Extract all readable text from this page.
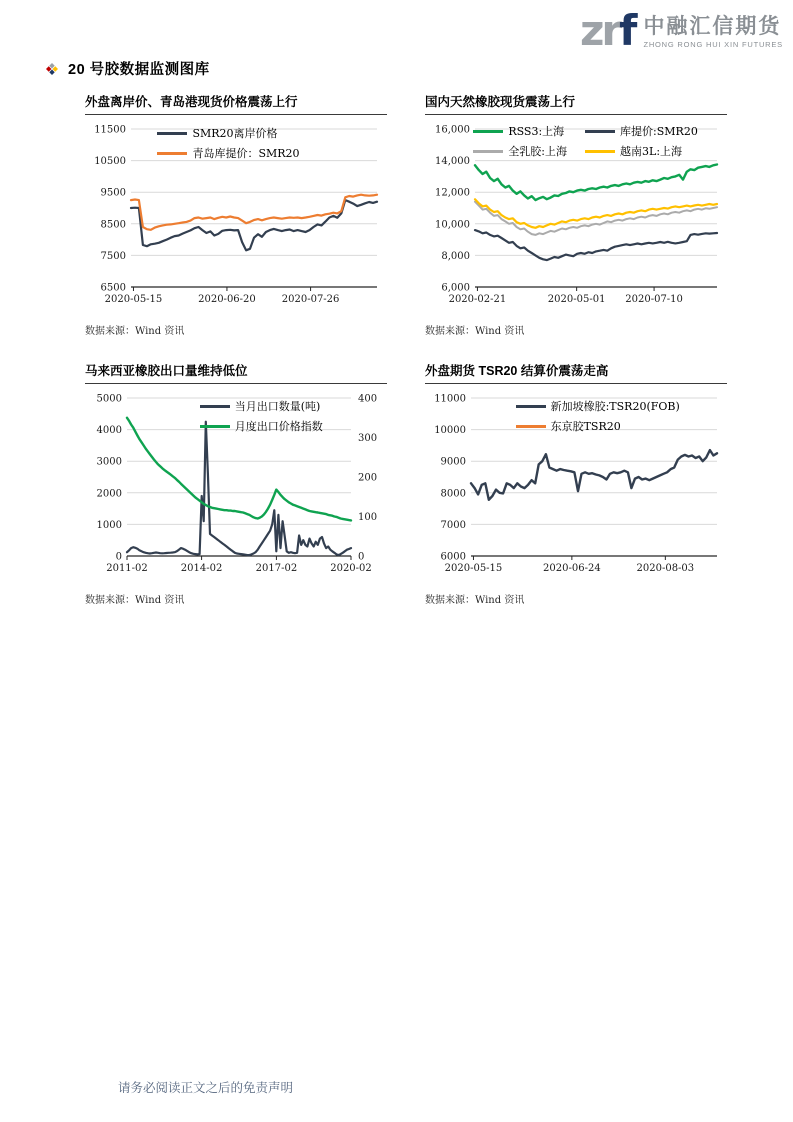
zrf 中融汇信期货
ZHONG RONG HUI XIN FUTURES
20 号胶数据监测图库
外盘离岸价、青岛港现货价格震荡上行
11500
10500
9500
8500
7500
6500
2020-05-15	2020-06-20	2020-07-26
SMR20离岸价格
青岛库提价：SMR20
数据来源：Wind 资讯
国内天然橡胶现货震荡上行
16,000
14,000
12,000
10,000
8,000
6,000
2020-02-21	2020-05-01 2020-07-10
RSS3:上海	库提价:SMR20
全乳胶:上海	越南3L:上海
数据来源：Wind 资讯
马来西亚橡胶出口量维持低位
5000
4000
3000
2000
1000
0
400
300
200
100
0
2011-02	2014-02	2017-02	2020-02
当月出口数量(吨)
月度出口价格指数
数据来源：Wind 资讯
外盘期货 TSR20 结算价震荡走高
11000
10000
9000
8000
7000
6000
2020-05-15	2020-06-24	2020-08-03
新加坡橡胶:TSR20(FOB)
东京胶TSR20
数据来源：Wind 资讯
请务必阅读正文之后的免责声明
